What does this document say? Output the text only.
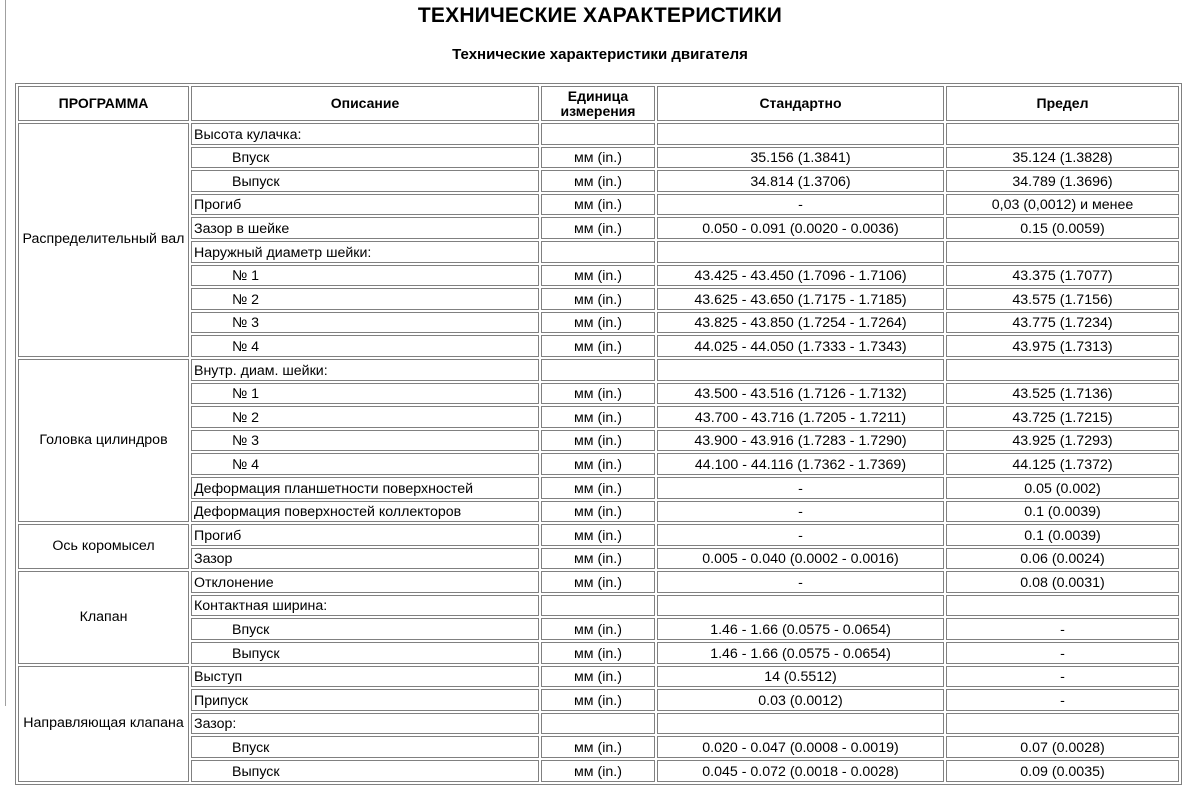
ТЕХНИЧЕСКИЕ ХАРАКТЕРИСТИКИ
Технические характеристики двигателя
ПРОГРАММА	Описание	Единица измерения	Стандартно	Предел
Распределительный вал	Высота кулачка:			
	Впуск	мм (in.)	35.156 (1.3841)	35.124 (1.3828)
	Выпуск	мм (in.)	34.814 (1.3706)	34.789 (1.3696)
	Прогиб	мм (in.)	-	0,03 (0,0012) и менее
	Зазор в шейке	мм (in.)	0.050 - 0.091 (0.0020 - 0.0036)	0.15 (0.0059)
	Наружный диаметр шейки:			
	№ 1	мм (in.)	43.425 - 43.450 (1.7096 - 1.7106)	43.375 (1.7077)
	№ 2	мм (in.)	43.625 - 43.650 (1.7175 - 1.7185)	43.575 (1.7156)
	№ 3	мм (in.)	43.825 - 43.850 (1.7254 - 1.7264)	43.775 (1.7234)
	№ 4	мм (in.)	44.025 - 44.050 (1.7333 - 1.7343)	43.975 (1.7313)
Головка цилиндров	Внутр. диам. шейки:			
	№ 1	мм (in.)	43.500 - 43.516 (1.7126 - 1.7132)	43.525 (1.7136)
	№ 2	мм (in.)	43.700 - 43.716 (1.7205 - 1.7211)	43.725 (1.7215)
	№ 3	мм (in.)	43.900 - 43.916 (1.7283 - 1.7290)	43.925 (1.7293)
	№ 4	мм (in.)	44.100 - 44.116 (1.7362 - 1.7369)	44.125 (1.7372)
	Деформация планшетности поверхностей	мм (in.)	-	0.05 (0.002)
	Деформация поверхностей коллекторов	мм (in.)	-	0.1 (0.0039)
Ось коромысел	Прогиб	мм (in.)	-	0.1 (0.0039)
	Зазор	мм (in.)	0.005 - 0.040 (0.0002 - 0.0016)	0.06 (0.0024)
Клапан	Отклонение	мм (in.)	-	0.08 (0.0031)
	Контактная ширина:			
	Впуск	мм (in.)	1.46 - 1.66 (0.0575 - 0.0654)	-
	Выпуск	мм (in.)	1.46 - 1.66 (0.0575 - 0.0654)	-
Направляющая клапана	Выступ	мм (in.)	14 (0.5512)	-
	Припуск	мм (in.)	0.03 (0.0012)	-
	Зазор:			
	Впуск	мм (in.)	0.020 - 0.047 (0.0008 - 0.0019)	0.07 (0.0028)
	Выпуск	мм (in.)	0.045 - 0.072 (0.0018 - 0.0028)	0.09 (0.0035)
